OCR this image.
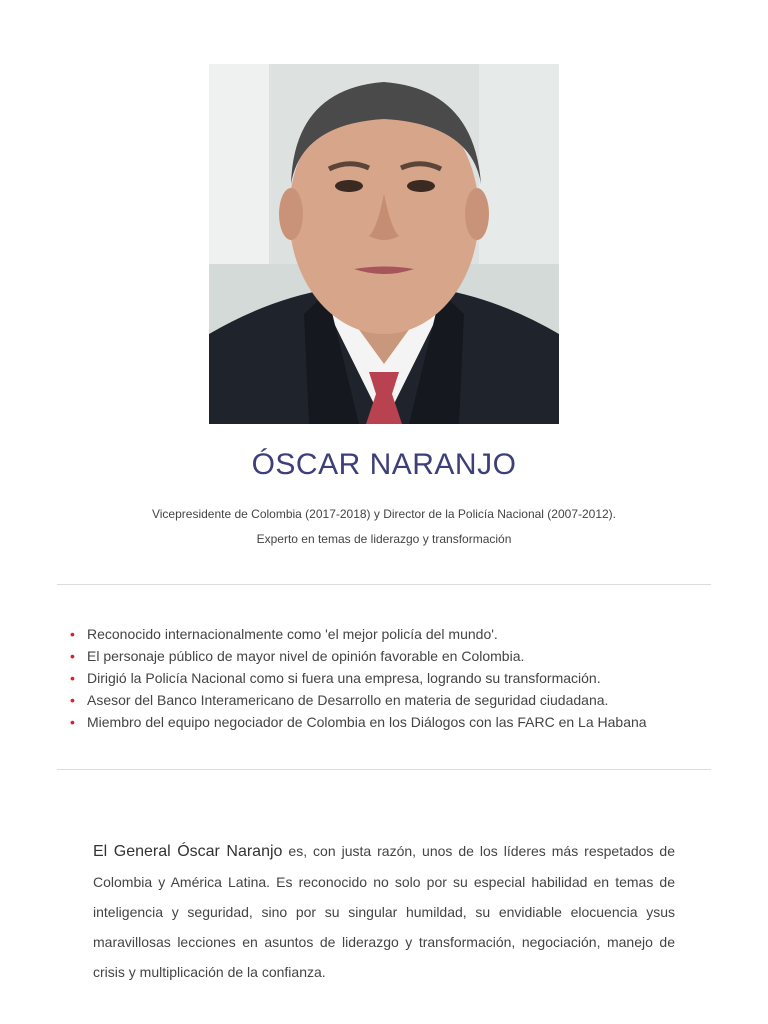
ÓSCAR NARANJO
Vicepresidente de Colombia (2017-2018) y Director de la Policía Nacional (2007-2012).
Experto en temas de liderazgo y transformación
• Reconocido internacionalmente como 'el mejor policía del mundo'.
• El personaje público de mayor nivel de opinión favorable en Colombia.
• Dirigió la Policía Nacional como si fuera una empresa, logrando su transformación.
• Asesor del Banco Interamericano de Desarrollo en materia de seguridad ciudadana.
• Miembro del equipo negociador de Colombia en los Diálogos con las FARC en La Habana

El General Óscar Naranjo es, con justa razón, unos de los líderes más respetados de Colombia y América Latina. Es reconocido no solo por su especial habilidad en temas de inteligencia y seguridad, sino por su singular humildad, su envidiable elocuencia ysus maravillosas lecciones en asuntos de liderazgo y transformación, negociación, manejo de crisis y multiplicación de la confianza.
